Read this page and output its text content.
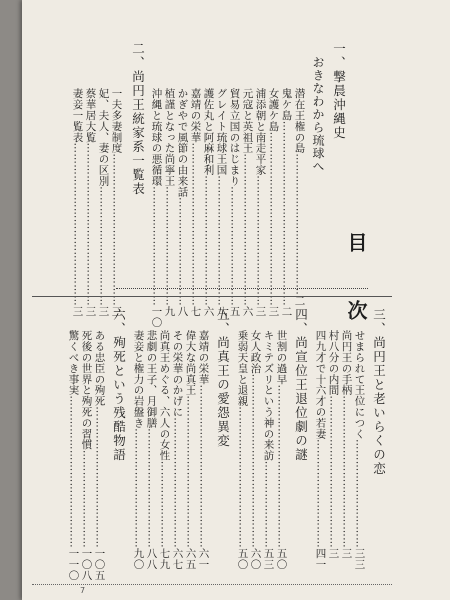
目　次
一、撃晨沖縄史
おきなわから琉球へ
潜在王権の島…………………………………二
鬼ケ島……………………………………………二
女護ケ島…………………………………………三
浦添朝と南走平家………………………………三
元寇と英祖王……………………………………六
貿易立国のはじまり……………………………五
グレイト琉球王国………………………………八
護佐丸と阿麻和利………………………………六
嘉靖の栄華………………………………………七
かぎやで風節の由来話…………………………八
植謹となった尚寧王……………………………九
沖縄と琉球の悪循環……………………………一〇
二、尚円王統家系一覧表
一夫多妻制度……………………………………三
妃、夫人、妻の区別……………………………三
蔡華居大覧………………………………………三
妻妾一覧表………………………………………三
三、尚円王と老いらくの恋
せまられて王位につく…………………………三三
尚円王の手柄……………………………………三
村八分の内間……………………………………三
四九才で十六才の若妻…………………………四一
四、尚宣位王退位劇の謎
世割の過早………………………………………五〇
キミテズリという神の来訪……………………五三
女人政治…………………………………………六〇
乗弱天皇と退親…………………………………五〇
五、尚真王の愛怨異変
嘉靖の栄華………………………………………六一
偉大な尚真王……………………………………六五
その栄華のかげに………………………………六七
尚真王めぐる、六人の女性……………………七九
悲劇の王子、月御膳……………………………八八
妻妾と権力の岩盤き……………………………九〇
六、殉死という残酷物語
ある忠臣の殉死…………………………………一〇五
死後の世界と殉死の習慣………………………一〇八
驚くべき事実……………………………………一一〇
7
